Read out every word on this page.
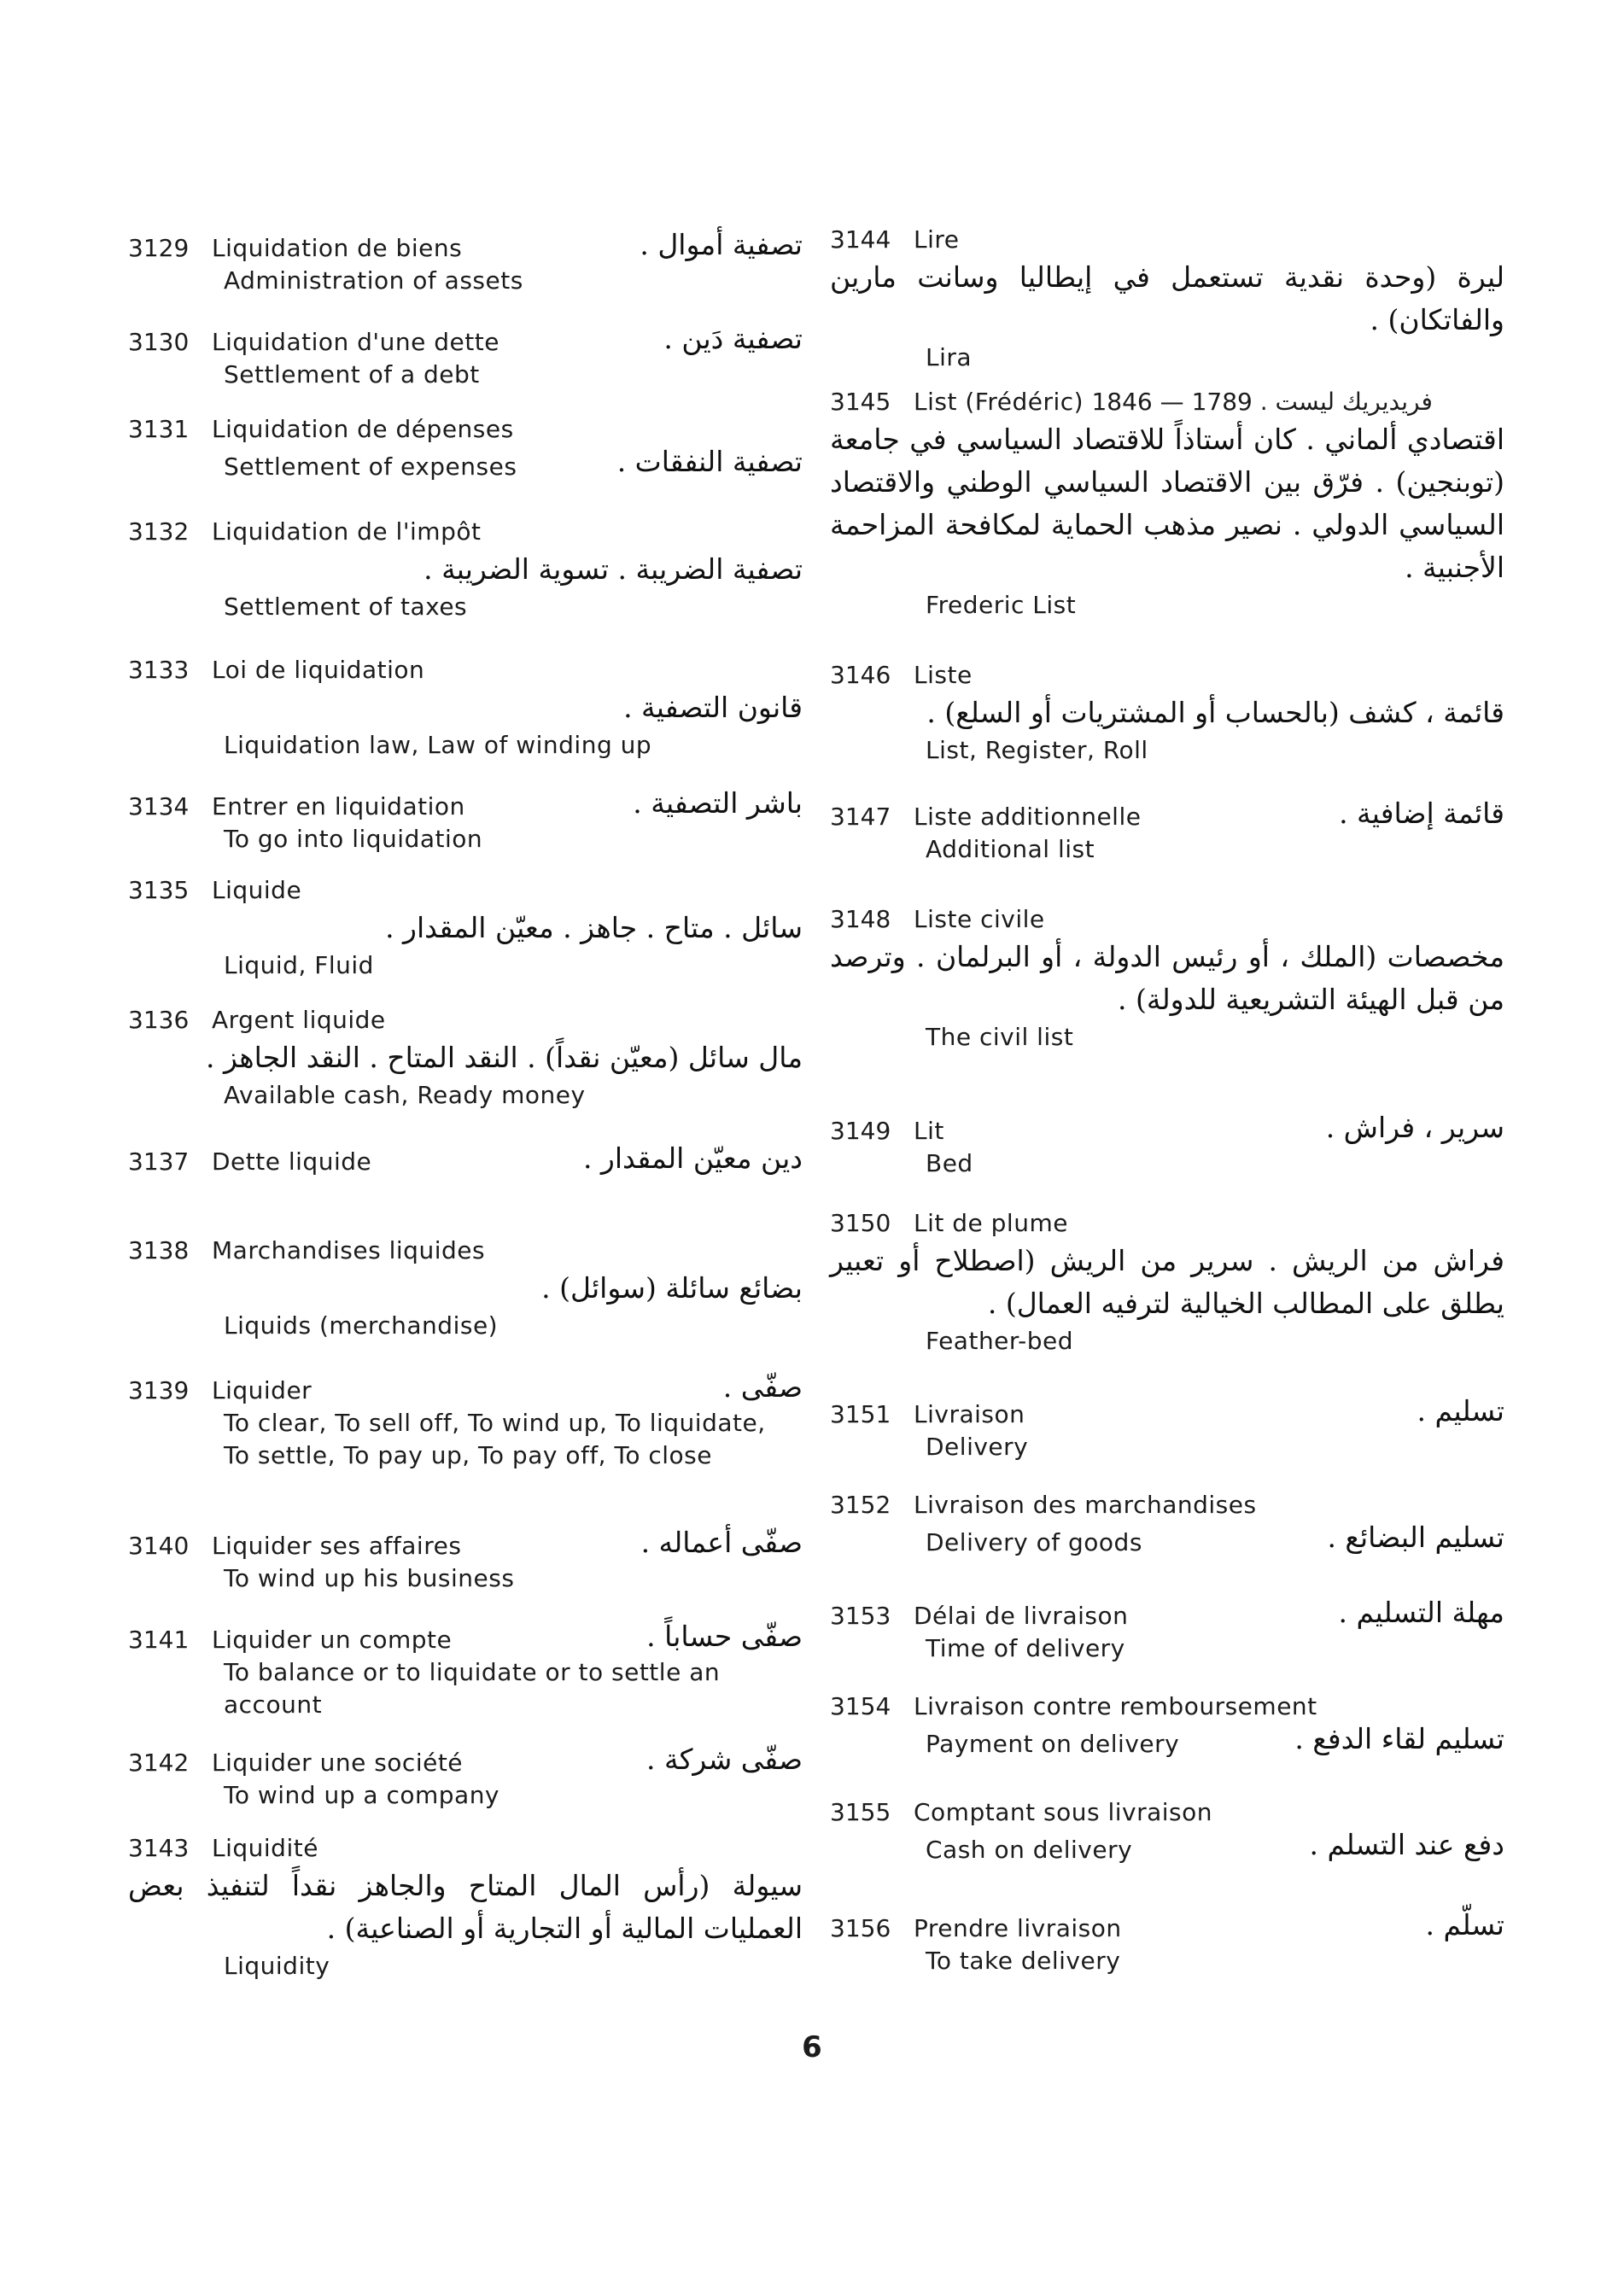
3129 Liquidation de biens	تصفية أموال .
Administration of assets
3130 Liquidation d'une dette	تصفية دَين .
Settlement of a debt
3131 Liquidation de dépenses
Settlement of expenses	تصفية النفقات .
3132 Liquidation de l'impôt
تصفية الضريبة . تسوية الضريبة .
Settlement of taxes
3133 Loi de liquidation
قانون التصفية .
Liquidation law, Law of winding up
3134 Entrer en liquidation	باشر التصفية .
To go into liquidation
3135 Liquide
سائل . متاح . جاهز . معيّن المقدار .
Liquid, Fluid
3136 Argent liquide
مال سائل (معيّن نقداً) . النقد المتاح . النقد الجاهز .
Available cash, Ready money
3137 Dette liquide	دين معيّن المقدار .
3138 Marchandises liquides
بضائع سائلة (سوائل) .
Liquids (merchandise)
3139 Liquider	صفّى .
To clear, To sell off, To wind up, To liquidate, To settle, To pay up, To pay off, To close
3140 Liquider ses affaires	صفّى أعماله .
To wind up his business
3141 Liquider un compte	صفّى حساباً .
To balance or to liquidate or to settle an account
3142 Liquider une société	صفّى شركة .
To wind up a company
3143 Liquidité
سيولة (رأس المال المتاح والجاهز نقداً لتنفيذ بعض العمليات المالية أو التجارية أو الصناعية) .
Liquidity
3144 Lire
ليرة (وحدة نقدية تستعمل في إيطاليا وسانت مارين والفاتكان) .
Lira
3145 List (Frédéric) فريديريك ليست . 1789 — 1846
اقتصادي ألماني . كان أستاذاً للاقتصاد السياسي في جامعة (توبنجين) . فرّق بين الاقتصاد السياسي الوطني والاقتصاد السياسي الدولي . نصير مذهب الحماية لمكافحة المزاحمة الأجنبية .
Frederic List
3146 Liste
قائمة ، كشف (بالحساب أو المشتريات أو السلع) .
List, Register, Roll
3147 Liste additionnelle	قائمة إضافية .
Additional list
3148 Liste civile
مخصصات (الملك ، أو رئيس الدولة ، أو البرلمان . وترصد من قبل الهيئة التشريعية للدولة) .
The civil list
3149 Lit	سرير ، فراش .
Bed
3150 Lit de plume
فراش من الريش . سرير من الريش (اصطلاح أو تعبير يطلق على المطالب الخيالية لترفيه العمال) .
Feather-bed
3151 Livraison	تسليم .
Delivery
3152 Livraison des marchandises
Delivery of goods	تسليم البضائع .
3153 Délai de livraison	مهلة التسليم .
Time of delivery
3154 Livraison contre remboursement
Payment on delivery	تسليم لقاء الدفع .
3155 Comptant sous livraison
Cash on delivery	دفع عند التسلم .
3156 Prendre livraison	تسلّم .
To take delivery
6
